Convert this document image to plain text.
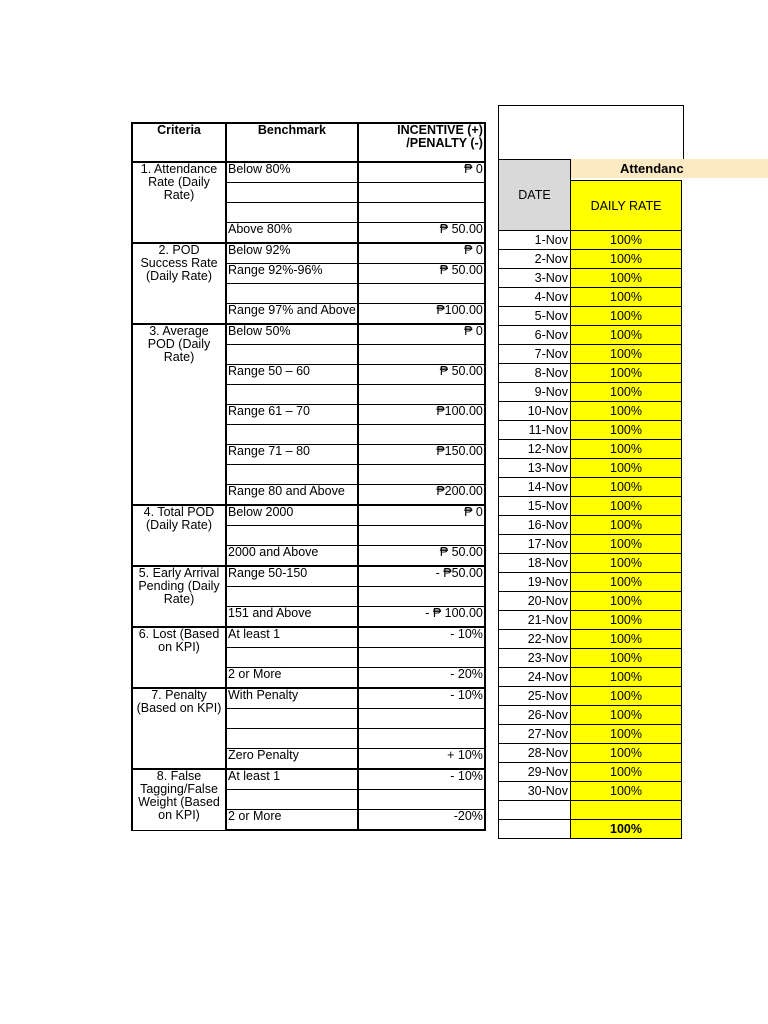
Criteria	Benchmark	INCENTIVE (+)
/PENALTY (-)

1. Attendance Rate (Daily Rate)	Below 80%	₱ 0

	Above 80%	₱ 50.00
2. POD Success Rate (Daily Rate)	Below 92%	₱ 0
	Range 92%-96%	₱ 50.00

	Range 97% and Above	₱100.00
3. Average POD (Daily Rate)	Below 50%	₱ 0

	Range 50 – 60	₱ 50.00

	Range 61 – 70	₱100.00

	Range 71 – 80	₱150.00

	Range 80 and Above	₱200.00
4. Total POD (Daily Rate)	Below 2000	₱ 0

	2000 and Above	₱ 50.00
5. Early Arrival Pending (Daily Rate)	Range 50-150	- ₱50.00

	151 and Above	- ₱ 100.00
6. Lost (Based on KPI)	At least 1	- 10%

	2 or More	- 20%
7. Penalty (Based on KPI)	With Penalty	- 10%

	Zero Penalty	+ 10%
8. False Tagging/False Weight (Based on KPI)	At least 1	- 10%

	2 or More	-20%
Attendanc
DATE	
	DAILY RATE
1-Nov	100%
2-Nov	100%
3-Nov	100%
4-Nov	100%
5-Nov	100%
6-Nov	100%
7-Nov	100%
8-Nov	100%
9-Nov	100%
10-Nov	100%
11-Nov	100%
12-Nov	100%
13-Nov	100%
14-Nov	100%
15-Nov	100%
16-Nov	100%
17-Nov	100%
18-Nov	100%
19-Nov	100%
20-Nov	100%
21-Nov	100%
22-Nov	100%
23-Nov	100%
24-Nov	100%
25-Nov	100%
26-Nov	100%
27-Nov	100%
28-Nov	100%
29-Nov	100%
30-Nov	100%

	100%
